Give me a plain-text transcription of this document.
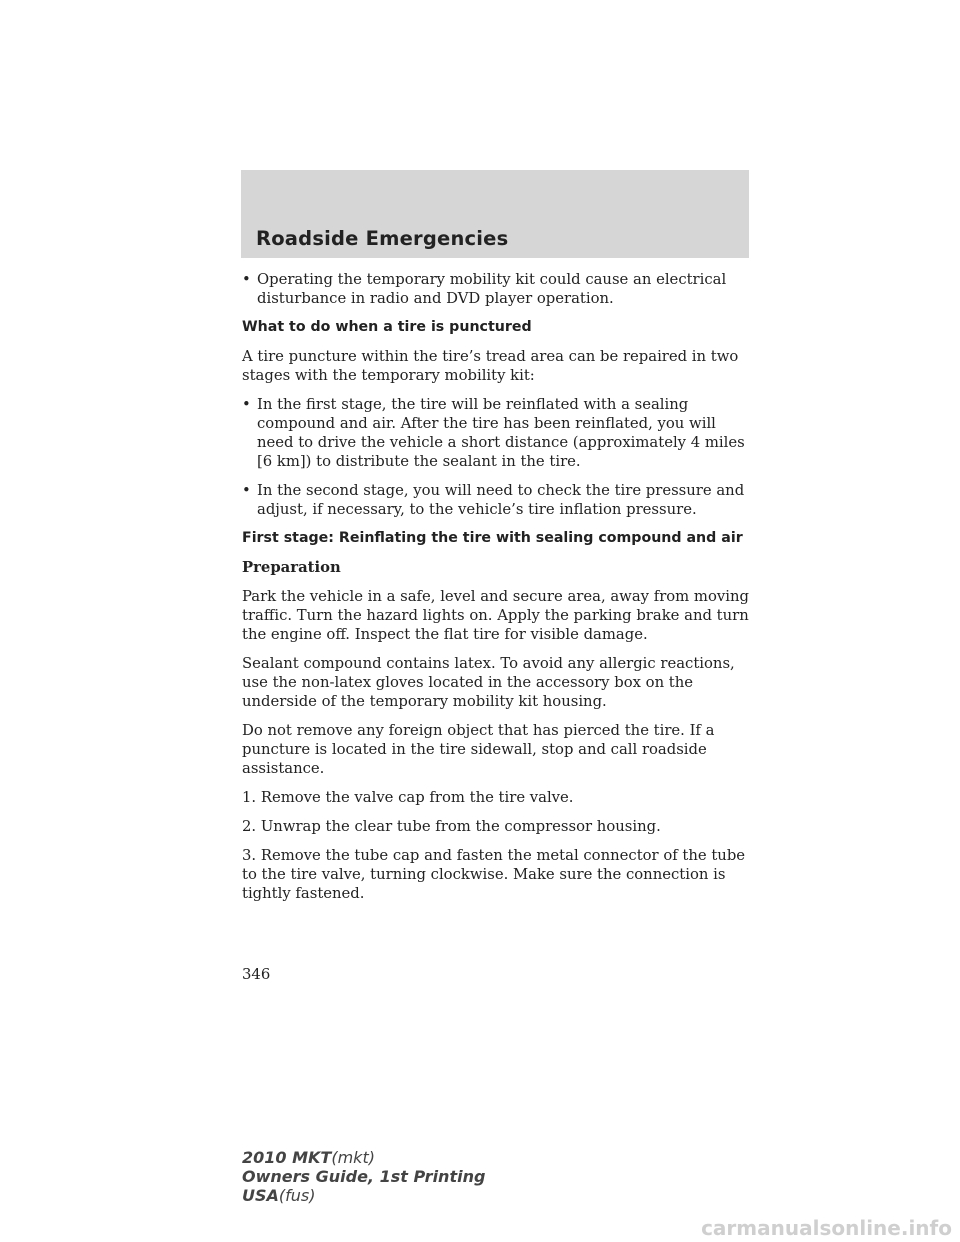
Roadside Emergencies
• Operating the temporary mobility kit could cause an electrical disturbance in radio and DVD player operation.
What to do when a tire is punctured

A tire puncture within the tire’s tread area can be repaired in two stages with the temporary mobility kit:

• In the first stage, the tire will be reinflated with a sealing compound and air. After the tire has been reinflated, you will need to drive the vehicle a short distance (approximately 4 miles [6 km]) to distribute the sealant in the tire.
• In the second stage, you will need to check the tire pressure and adjust, if necessary, to the vehicle’s tire inflation pressure.
First stage: Reinflating the tire with sealing compound and air
Preparation

Park the vehicle in a safe, level and secure area, away from moving traffic. Turn the hazard lights on. Apply the parking brake and turn the engine off. Inspect the flat tire for visible damage.

Sealant compound contains latex. To avoid any allergic reactions, use the non-latex gloves located in the accessory box on the underside of the temporary mobility kit housing.

Do not remove any foreign object that has pierced the tire. If a puncture is located in the tire sidewall, stop and call roadside assistance.

1. Remove the valve cap from the tire valve.

2. Unwrap the clear tube from the compressor housing.

3. Remove the tube cap and fasten the metal connector of the tube to the tire valve, turning clockwise. Make sure the connection is tightly fastened.

346
2010 MKT(mkt)
Owners Guide, 1st Printing
USA(fus)
carmanualsonline.info
